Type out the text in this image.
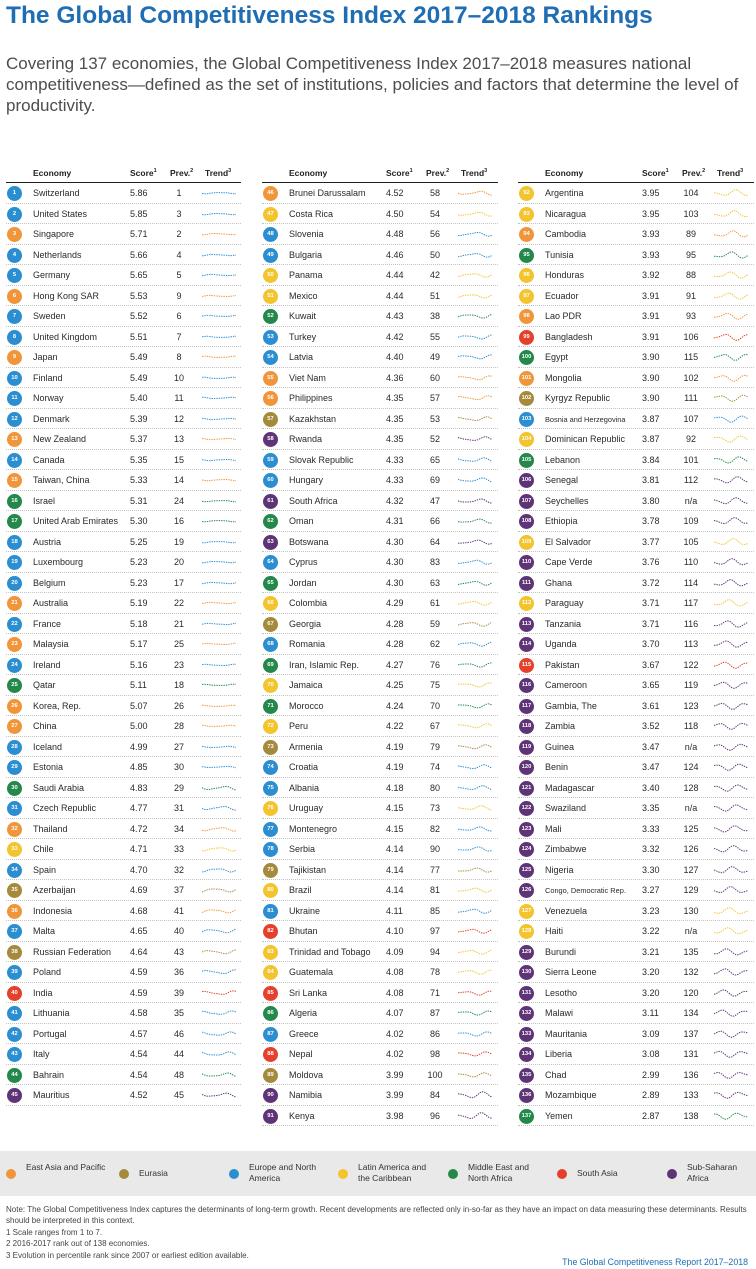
The Global Competitiveness Index 2017–2018 Rankings
Covering 137 economies, the Global Competitiveness Index 2017–2018 measures national competitiveness—defined as the set of institutions, policies and factors that determine the level of productivity.
Economy	Score$^1$ Prev.$^2$ Trend$^3$
1	Switzerland	5.86	1
2	United States	5.85	3
3	Singapore	5.71	2
4	Netherlands	5.66	4
5	Germany	5.65	5
6	Hong Kong SAR	5.53	9
7	Sweden	5.52	6
8	United Kingdom	5.51	7
9	Japan	5.49	8
10	Finland	5.49	10
11	Norway	5.40	11
12	Denmark	5.39	12
13	New Zealand	5.37	13
14	Canada	5.35	15
15	Taiwan, China	5.33	14
16	Israel	5.31	24
17	United Arab Emirates 5.30	16
18	Austria	5.25	19
19	Luxembourg	5.23	20
20	Belgium	5.23	17
21	Australia	5.19	22
22	France	5.18	21
23	Malaysia	5.17	25
24	Ireland	5.16	23
25	Qatar	5.11	18
26	Korea, Rep.	5.07	26
27	China	5.00	28
28	Iceland	4.99	27
29	Estonia	4.85	30
30	Saudi Arabia	4.83	29
31	Czech Republic	4.77	31
32	Thailand	4.72	34
33	Chile	4.71	33
34	Spain	4.70	32
35	Azerbaijan	4.69	37
36	Indonesia	4.68	41
37	Malta	4.65	40
38	Russian Federation 4.64	43
39	Poland	4.59	36
40	India	4.59	39
41	Lithuania	4.58	35
42	Portugal	4.57	46
43	Italy	4.54	44
44	Bahrain	4.54	48
45	Mauritius	4.52	45
Economy	Score$^1$ Prev.$^2$ Trend$^3$
46	Brunei Darussalam 4.52	58
47	Costa Rica	4.50	54
48	Slovenia	4.48	56
49	Bulgaria	4.46	50
50	Panama	4.44	42
51	Mexico	4.44	51
52	Kuwait	4.43	38
53	Turkey	4.42	55
54	Latvia	4.40	49
55	Viet Nam	4.36	60
56	Philippines	4.35	57
57	Kazakhstan	4.35	53
58	Rwanda	4.35	52
59	Slovak Republic	4.33	65
60	Hungary	4.33	69
61	South Africa	4.32	47
62	Oman	4.31	66
63	Botswana	4.30	64
64	Cyprus	4.30	83
65	Jordan	4.30	63
66	Colombia	4.29	61
67	Georgia	4.28	59
68	Romania	4.28	62
69	Iran, Islamic Rep.	4.27	76
70	Jamaica	4.25	75
71	Morocco	4.24	70
72	Peru	4.22	67
73	Armenia	4.19	79
74	Croatia	4.19	74
75	Albania	4.18	80
76	Uruguay	4.15	73
77	Montenegro	4.15	82
78	Serbia	4.14	90
79	Tajikistan	4.14	77
80	Brazil	4.14	81
81	Ukraine	4.11	85
82	Bhutan	4.10	97
83	Trinidad and Tobago 4.09	94
84	Guatemala	4.08	78
85	Sri Lanka	4.08	71
86	Algeria	4.07	87
87	Greece	4.02	86
88	Nepal	4.02	98
89	Moldova	3.99	100
90	Namibia	3.99	84
91	Kenya	3.98	96
Economy	Score$^1$ Prev.$^2$ Trend$^3$
92	Argentina	3.95	104
93	Nicaragua	3.95	103
94	Cambodia	3.93	89
95	Tunisia	3.93	95
96	Honduras	3.92	88
97	Ecuador	3.91	91
98	Lao PDR	3.91	93
99	Bangladesh	3.91	106
100 Egypt	3.90	115
101 Mongolia	3.90	102
102 Kyrgyz Republic	3.90	111
103	Bosnia and Herzegovina 3.87	107
104 Dominican Republic 3.87	92
105 Lebanon	3.84	101
106 Senegal	3.81	112
107 Seychelles	3.80	n/a
108 Ethiopia	3.78	109
109 El Salvador	3.77	105
110	Cape Verde	3.76	110
111	Ghana	3.72	114
112	Paraguay	3.71	117
113	Tanzania	3.71	116
114	Uganda	3.70	113
115	Pakistan	3.67	122
116	Cameroon	3.65	119
117	Gambia, The	3.61	123
118	Zambia	3.52	118
119	Guinea	3.47	n/a
120 Benin	3.47	124
121 Madagascar	3.40	128
122 Swaziland	3.35	n/a
123 Mali	3.33	125
124 Zimbabwe	3.32	126
125 Nigeria	3.30	127
126	Congo, Democratic Rep. 3.27	129
127 Venezuela	3.23	130
128 Haiti	3.22	n/a
129 Burundi	3.21	135
130 Sierra Leone	3.20	132
131 Lesotho	3.20	120
132 Malawi	3.11	134
133 Mauritania	3.09	137
134 Liberia	3.08	131
135 Chad	2.99	136
136 Mozambique	2.89	133
137 Yemen	2.87	138
East Asia and Pacific
Eurasia
Europe and North America
Latin America and the Caribbean
Middle East and North Africa	South Asia
Sub-Saharan Africa
Note: The Global Competitiveness Index captures the determinants of long-term growth. Recent developments are reflected only in-so-far as they have an impact on data measuring these determinants. Results should be interpreted in this context.
1 Scale ranges from 1 to 7.
2 2016-2017 rank out of 138 economies.
3 Evolution in percentile rank since 2007 or earliest edition available.
The Global Competitiveness Report 2017–2018
